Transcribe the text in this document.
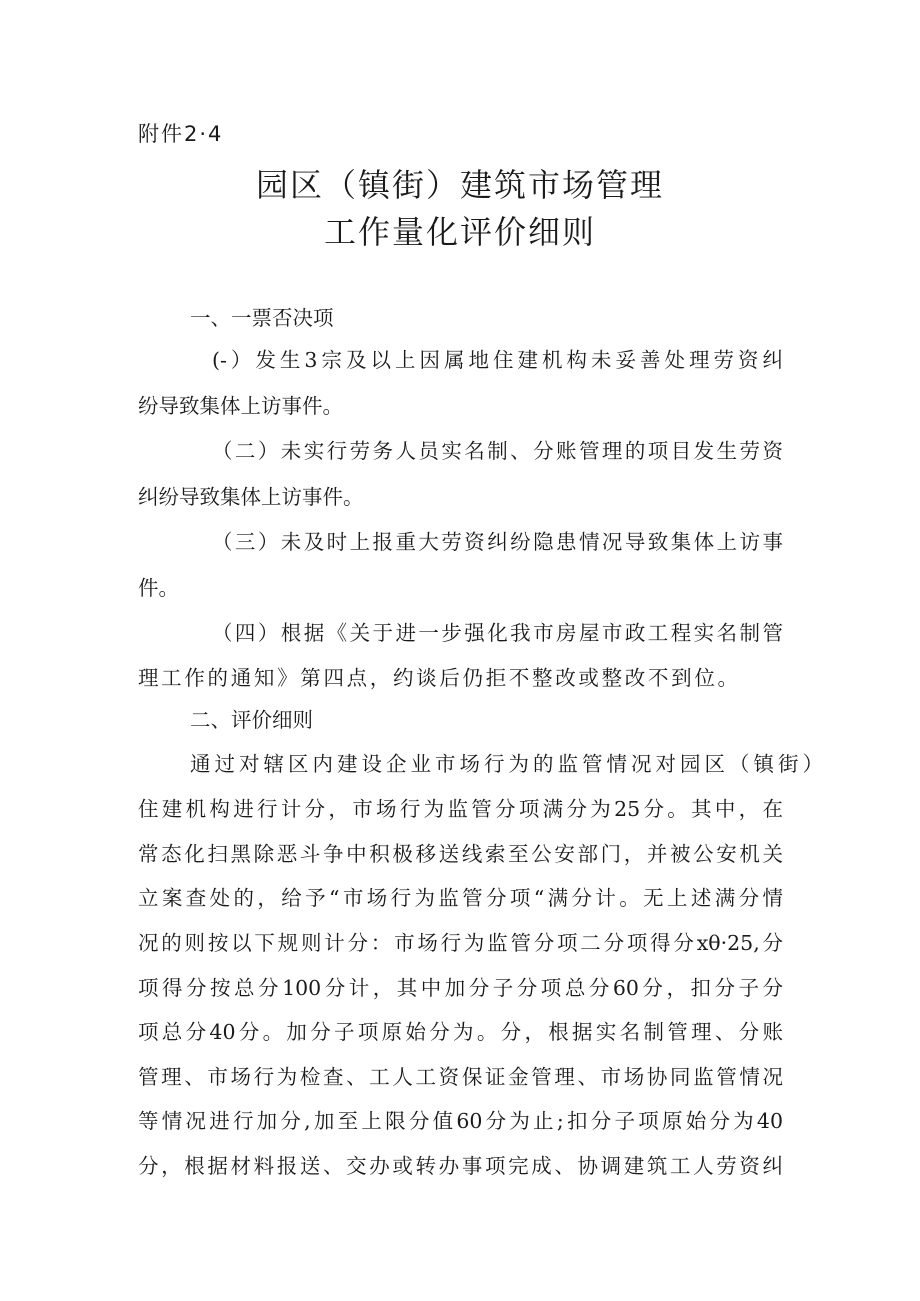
附件2·4
园区（镇街）建筑市场管理
工作量化评价细则
一、一票否决项
(-）发生3宗及以上因属地住建机构未妥善处理劳资纠
纷导致集体上访事件。
（二）未实行劳务人员实名制、分账管理的项目发生劳资
纠纷导致集体上访事件。
（三）未及时上报重大劳资纠纷隐患情况导致集体上访事
件。
（四）根据《关于进一步强化我市房屋市政工程实名制管
理工作的通知》第四点，约谈后仍拒不整改或整改不到位。
二、评价细则
通过对辖区内建设企业市场行为的监管情况对园区（镇街）
住建机构进行计分，市场行为监管分项满分为25分。其中，在
常态化扫黑除恶斗争中积极移送线索至公安部门，并被公安机关
立案查处的，给予“市场行为监管分项“满分计。无上述满分情
况的则按以下规则计分：市场行为监管分项二分项得分xθ·25,分
项得分按总分100分计，其中加分子分项总分60分，扣分子分
项总分40分。加分子项原始分为。分，根据实名制管理、分账
管理、市场行为检查、工人工资保证金管理、市场协同监管情况
等情况进行加分,加至上限分值60分为止;扣分子项原始分为40
分，根据材料报送、交办或转办事项完成、协调建筑工人劳资纠
